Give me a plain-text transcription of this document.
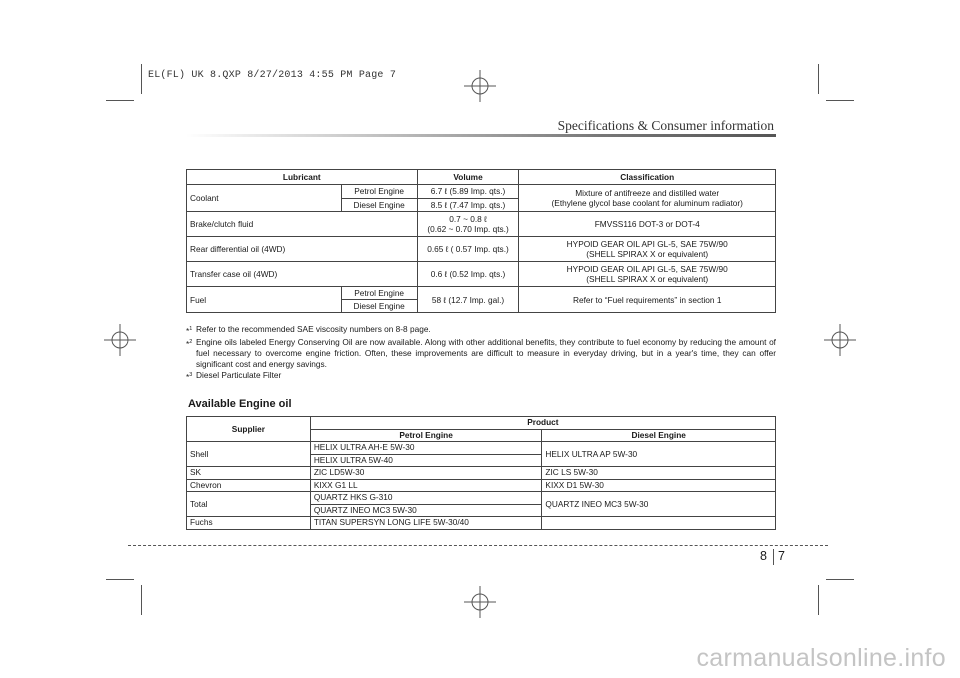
EL(FL) UK 8.QXP 8/27/2013 4:55 PM Page 7
Specifications & Consumer information
Lubricant		Volume	Classification
Coolant	Petrol Engine	6.7 ℓ (5.89 Imp. qts.)	Mixture of antifreeze and distilled water
(Ethylene glycol base coolant for aluminum radiator)
	Diesel Engine	8.5 ℓ (7.47 Imp. qts.)	
Brake/clutch fluid		0.7 ~ 0.8 ℓ
(0.62 ~ 0.70 Imp. qts.)	FMVSS116 DOT-3 or DOT-4
Rear differential oil (4WD)		0.65 ℓ ( 0.57 Imp. qts.)	HYPOID GEAR OIL API GL-5, SAE 75W/90
(SHELL SPIRAX X or equivalent)
Transfer case oil (4WD)		0.6 ℓ (0.52 Imp. qts.)	HYPOID GEAR OIL API GL-5, SAE 75W/90
(SHELL SPIRAX X or equivalent)
Fuel	Petrol Engine	58 ℓ (12.7 Imp. gal.)	Refer to “Fuel requirements” in section 1
	Diesel Engine		
*$^1$ Refer to the recommended SAE viscosity numbers on 8-8 page.
*$^2$ Engine oils labeled Energy Conserving Oil are now available. Along with other additional benefits, they contribute to fuel economy by reducing the amount of fuel necessary to overcome engine friction. Often, these improvements are difficult to measure in everyday driving, but in a year's time, they can offer significant cost and energy savings.
*$^3$ Diesel Particulate Filter
Available Engine oil
Supplier	Product	
	Petrol Engine	Diesel Engine
Shell	HELIX ULTRA AH-E 5W-30	HELIX ULTRA AP 5W-30
	HELIX ULTRA 5W-40	
SK	ZIC LD5W-30	ZIC LS 5W-30
Chevron	KIXX G1 LL	KIXX D1 5W-30
Total	QUARTZ HKS G-310	QUARTZ INEO MC3 5W-30
	QUARTZ INEO MC3 5W-30	
Fuchs	TITAN SUPERSYN LONG LIFE 5W-30/40	
8 7
carmanualsonline.info
